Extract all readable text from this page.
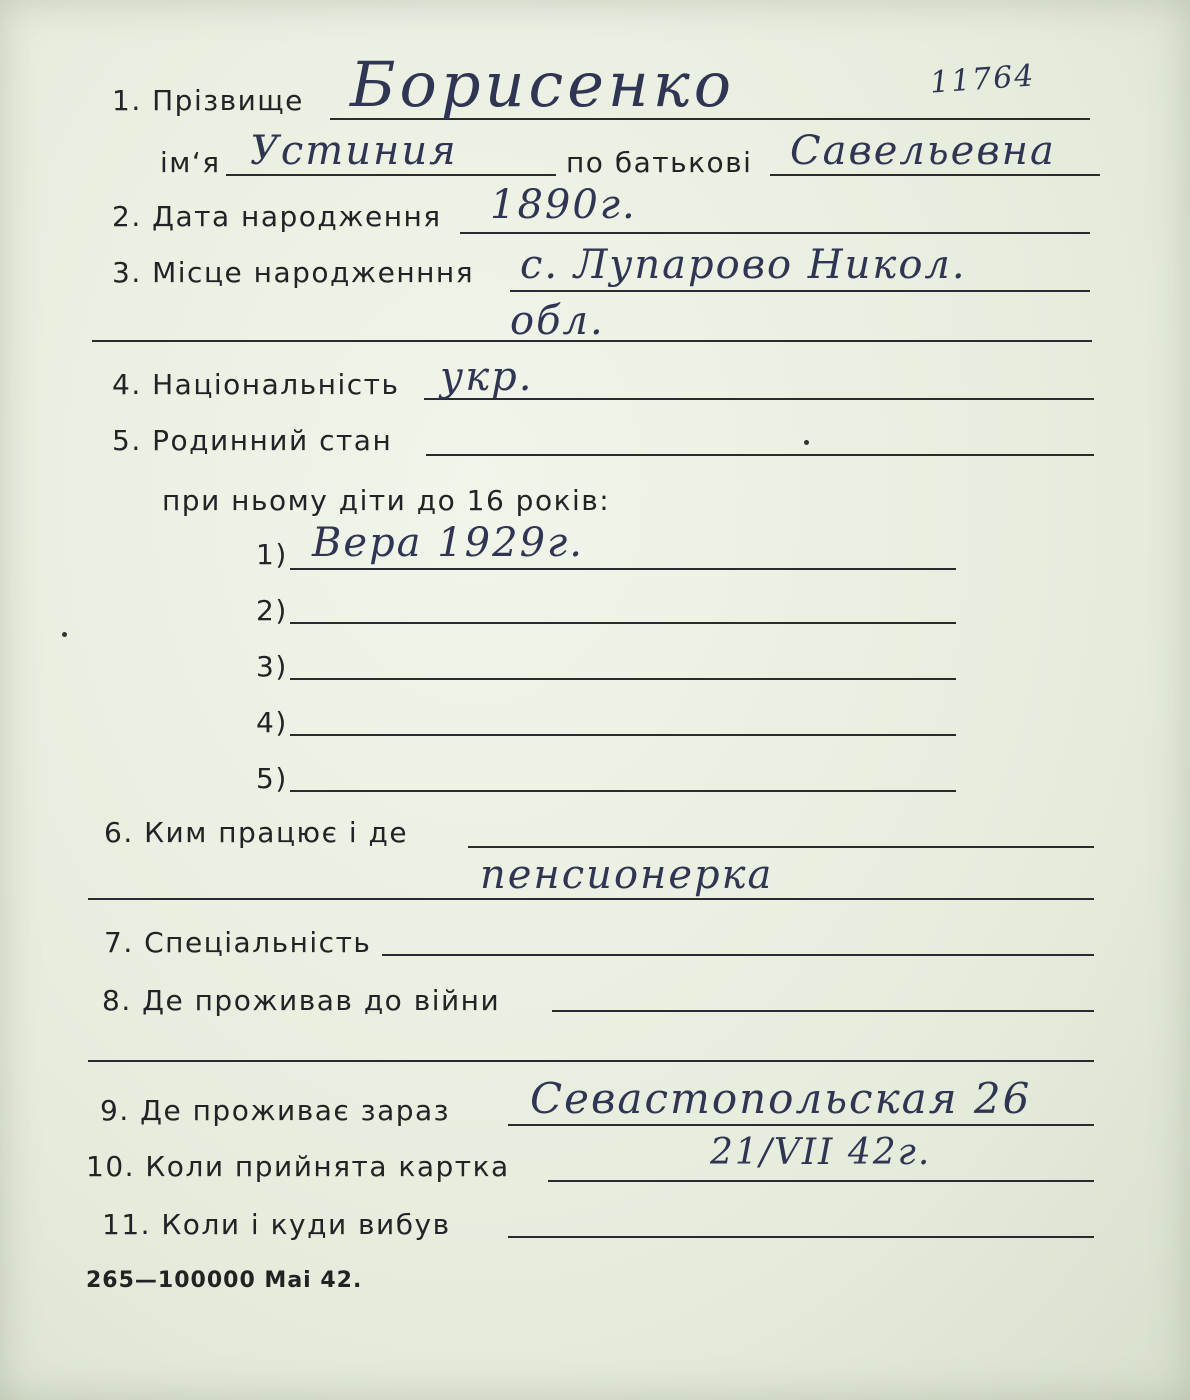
1. Прізвище Борисенко	11764
ім‘я Устиния	по батькові Савельевна
2. Дата народження 1890г.
3. Місце народженння с. Лупарово Никол.
обл.
4. Національність укр.
5. Родинний стан
при ньому діти до 16 років:
1) Вера 1929г.
2)
3)
4)
5)
6. Ким працює і де
пенсионерка
7. Спеціальність
8. Де проживав до війни
9. Де проживає зараз Севастопольская 26
10. Коли прийнята картка	21/VII 42г.
11. Коли і куди вибув
265—100000 Mai 42.
